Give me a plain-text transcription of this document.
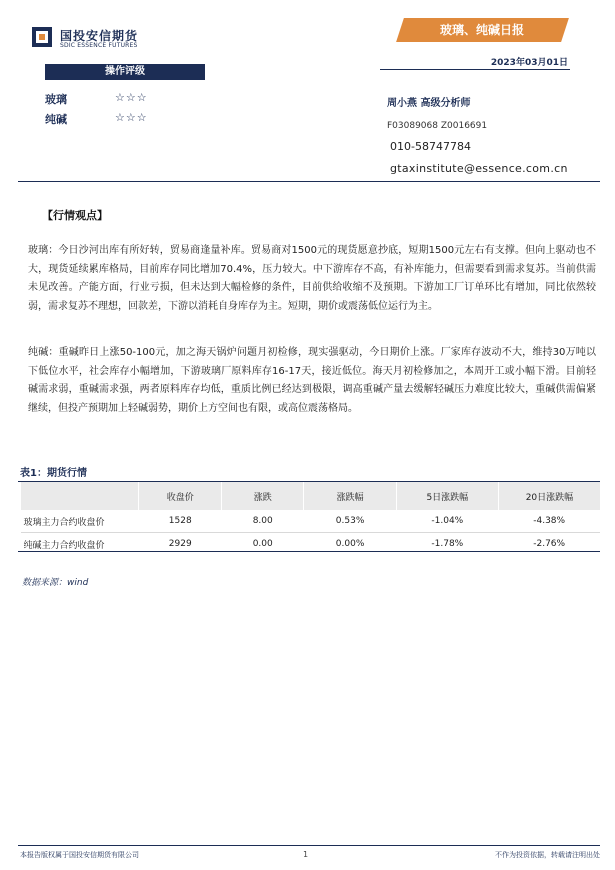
国投安信期货
SDIC ESSENCE FUTURES
玻璃、纯碱日报
2023年03月01日
操作评级
玻璃	☆☆☆
纯碱	☆☆☆
周小燕 高级分析师
F03089068 Z0016691
010-58747784
gtaxinstitute@essence.com.cn
【行情观点】
玻璃：今日沙河出库有所好转，贸易商逢量补库。贸易商对1500元的现货愿意抄底，短期1500元左右有支撑。但向上驱动也不大，现货延续累库格局，目前库存同比增加70.4%，压力较大。中下游库存不高，有补库能力，但需要看到需求复苏。当前供需未见改善。产能方面，行业亏损，但未达到大幅检修的条件，目前供给收缩不及预期。下游加工厂订单环比有增加，同比依然较弱，需求复苏不理想，回款差，下游以消耗自身库存为主。短期，期价或震荡低位运行为主。
纯碱：重碱昨日上涨50-100元，加之海天锅炉问题月初检修，现实强驱动，今日期价上涨。厂家库存波动不大，维持30万吨以下低位水平，社会库存小幅增加，下游玻璃厂原料库存16-17天，接近低位。海天月初检修加之，本周开工或小幅下滑。目前轻碱需求弱，重碱需求强，两者原料库存均低，重质比例已经达到极限，调高重碱产量去缓解轻碱压力难度比较大，重碱供需偏紧继续，但投产预期加上轻碱弱势，期价上方空间也有限，或高位震荡格局。
表1：期货行情
	收盘价	涨跌	涨跌幅	5日涨跌幅	20日涨跌幅
玻璃主力合约收盘价	1528	8.00	0.53%	-1.04%	-4.38%
纯碱主力合约收盘价	2929	0.00	0.00%	-1.78%	-2.76%
数据来源：wind
本报告版权属于国投安信期货有限公司	1	不作为投资依据，转载请注明出处
